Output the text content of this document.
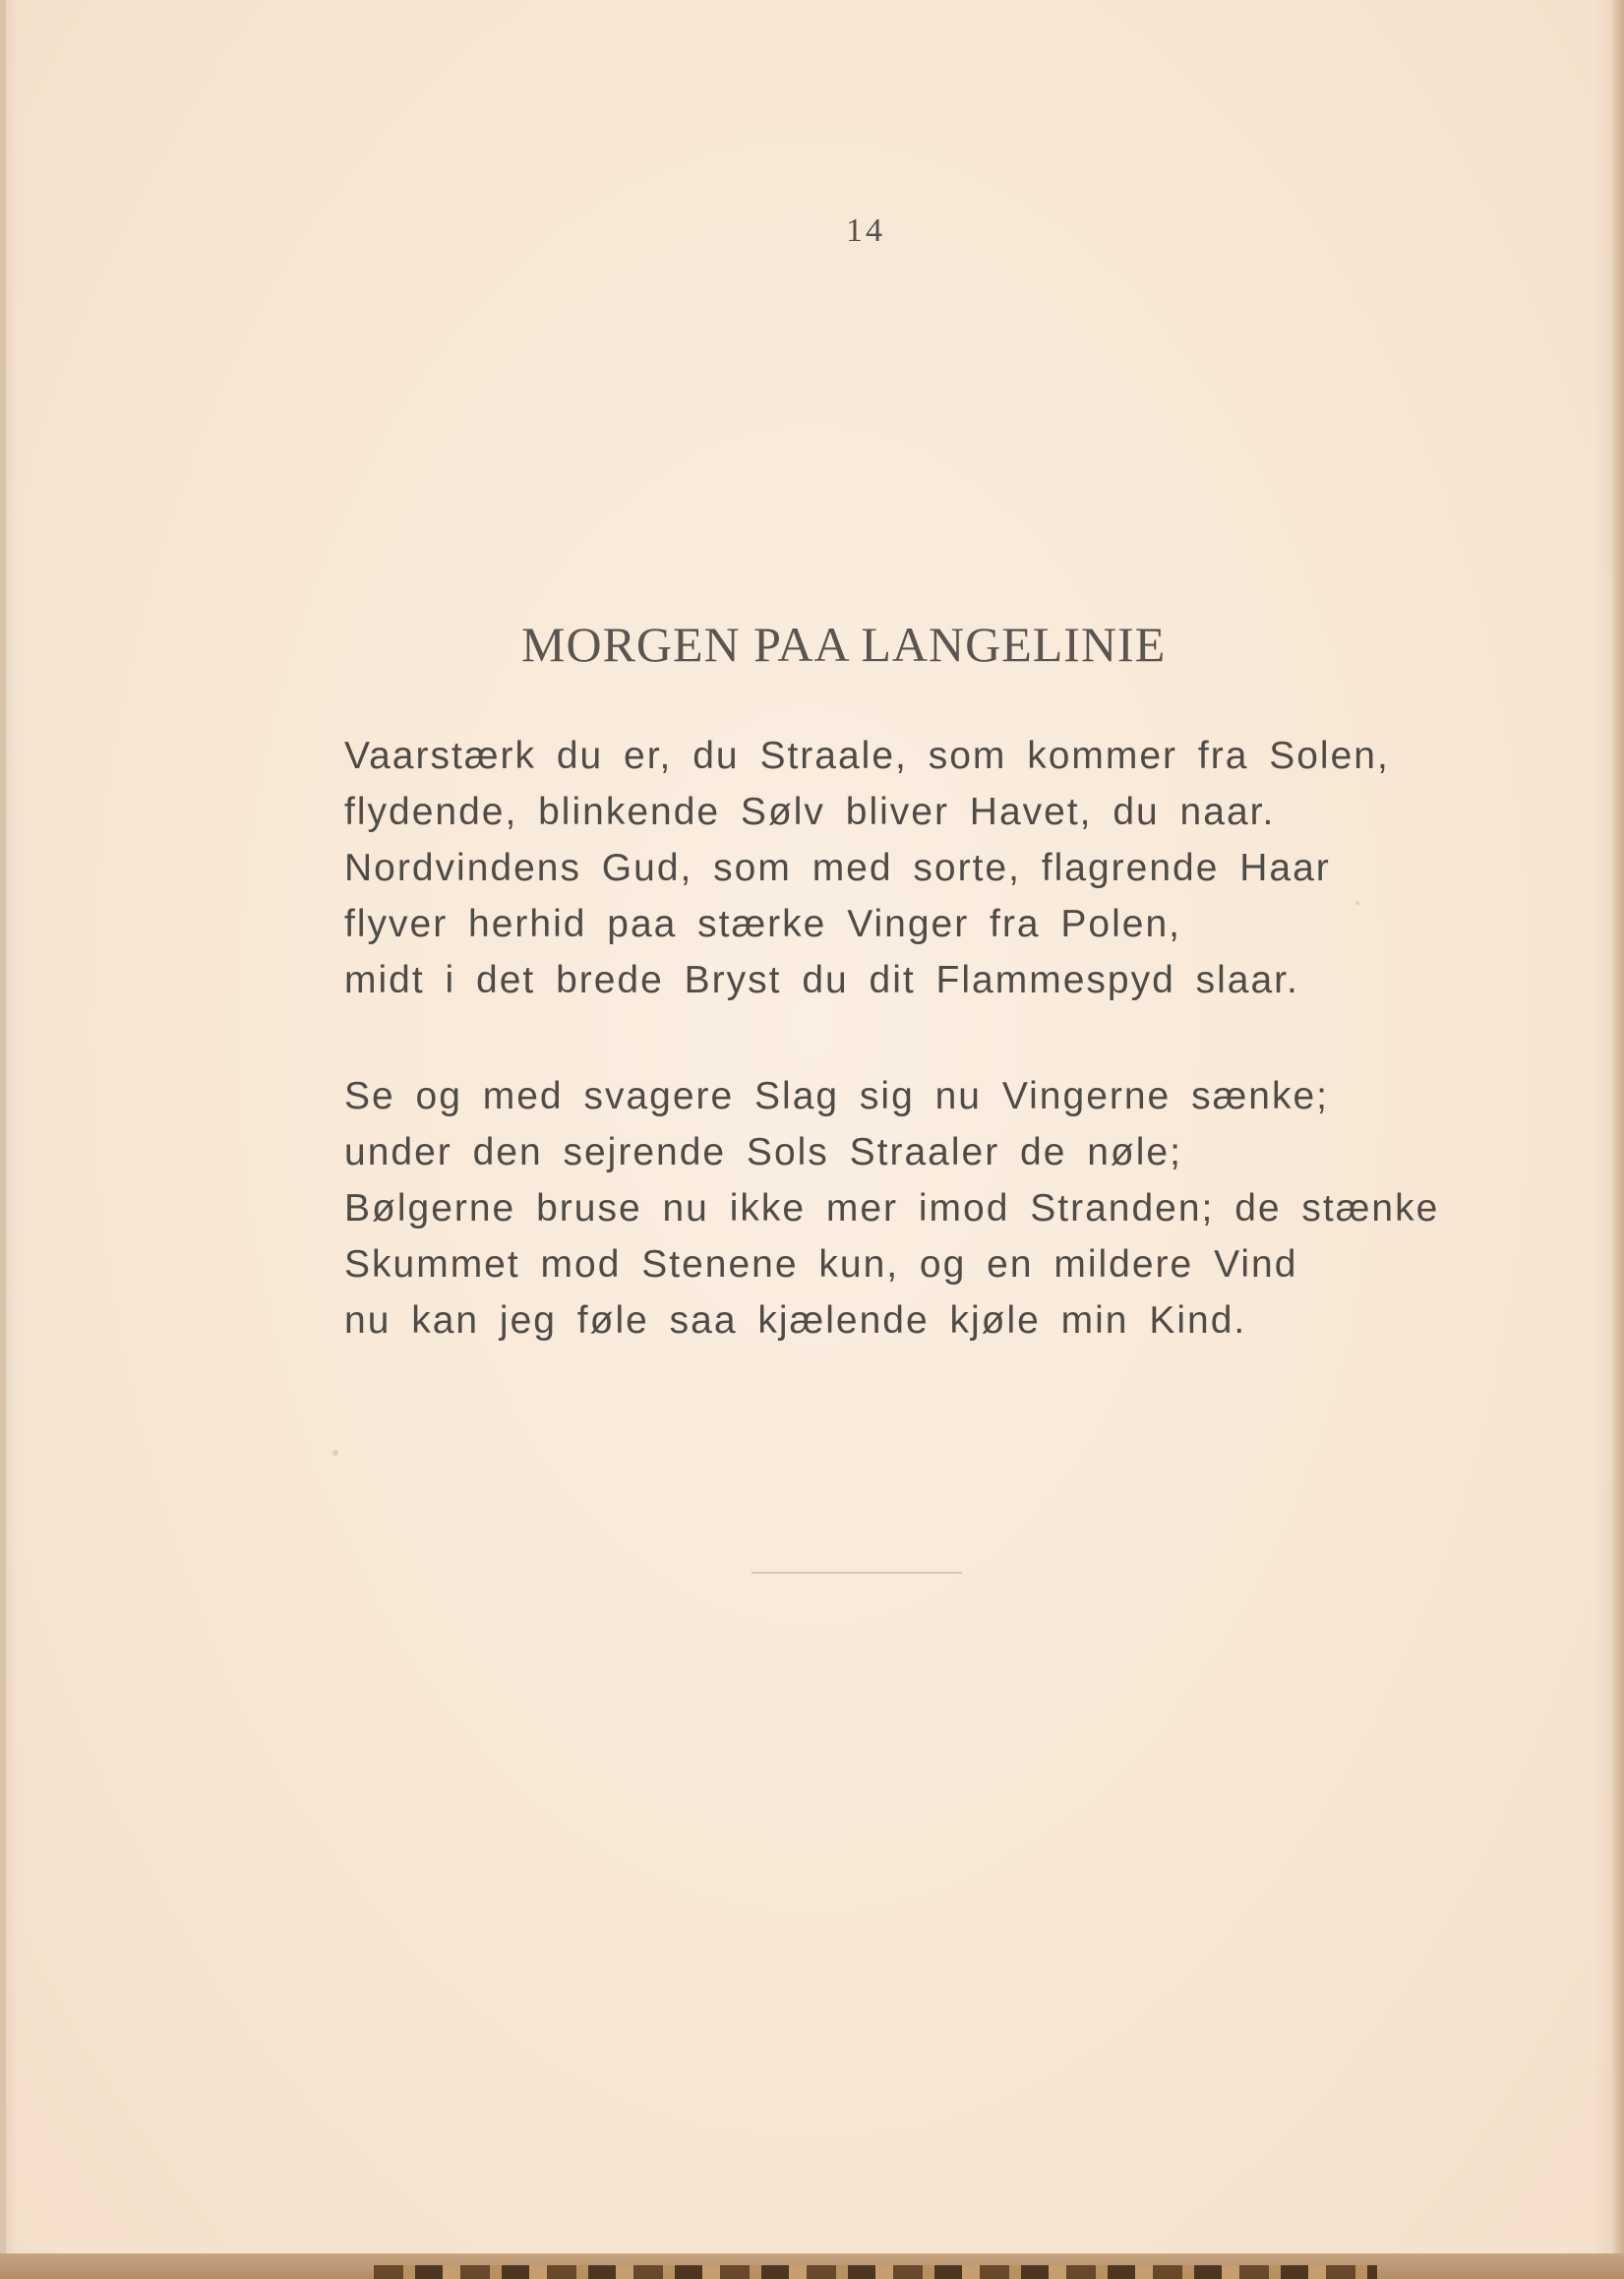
14
MORGEN PAA LANGELINIE
Vaarstærk du er, du Straale, som kommer fra Solen,
flydende, blinkende Sølv bliver Havet, du naar.
Nordvindens Gud, som med sorte, flagrende Haar
flyver herhid paa stærke Vinger fra Polen,
midt i det brede Bryst du dit Flammespyd slaar.
Se og med svagere Slag sig nu Vingerne sænke;
under den sejrende Sols Straaler de nøle;
Bølgerne bruse nu ikke mer imod Stranden; de stænke
Skummet mod Stenene kun, og en mildere Vind
nu kan jeg føle saa kjælende kjøle min Kind.
